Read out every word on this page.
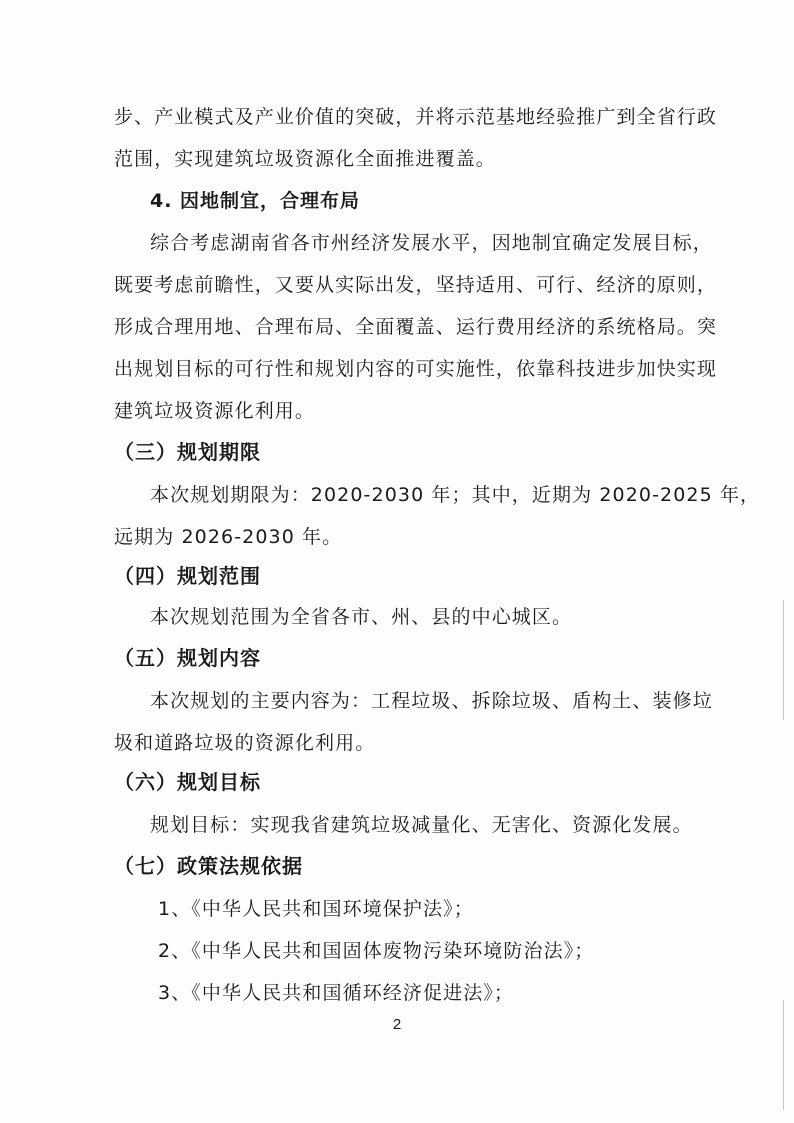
步、产业模式及产业价值的突破，并将示范基地经验推广到全省行政
范围，实现建筑垃圾资源化全面推进覆盖。
4. 因地制宜，合理布局
综合考虑湖南省各市州经济发展水平，因地制宜确定发展目标，
既要考虑前瞻性，又要从实际出发，坚持适用、可行、经济的原则，
形成合理用地、合理布局、全面覆盖、运行费用经济的系统格局。突
出规划目标的可行性和规划内容的可实施性，依靠科技进步加快实现
建筑垃圾资源化利用。
（三）规划期限
本次规划期限为：2020-2030 年；其中，近期为 2020-2025 年，
远期为 2026-2030 年。
（四）规划范围
本次规划范围为全省各市、州、县的中心城区。
（五）规划内容
本次规划的主要内容为：工程垃圾、拆除垃圾、盾构土、装修垃
圾和道路垃圾的资源化利用。
（六）规划目标
规划目标：实现我省建筑垃圾减量化、无害化、资源化发展。
（七）政策法规依据
1、《中华人民共和国环境保护法》；
2、《中华人民共和国固体废物污染环境防治法》；
3、《中华人民共和国循环经济促进法》；
2
